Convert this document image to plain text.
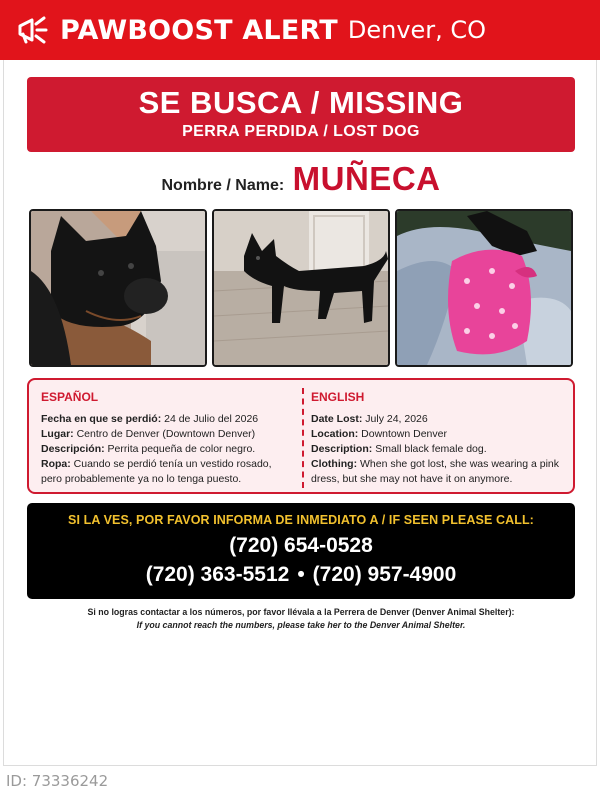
PAWBOOST ALERT Denver, CO
SE BUSCA / MISSING
PERRA PERDIDA / LOST DOG
Nombre / Name: MUÑECA
ESPAÑOL
Fecha en que se perdió: 24 de Julio del 2026
Lugar: Centro de Denver (Downtown Denver)
Descripción: Perrita pequeña de color negro.
Ropa: Cuando se perdió tenía un vestido rosado, pero probablemente ya no lo tenga puesto.
ENGLISH
Date Lost: July 24, 2026
Location: Downtown Denver
Description: Small black female dog.
Clothing: When she got lost, she was wearing a pink dress, but she may not have it on anymore.
SI LA VES, POR FAVOR INFORMA DE INMEDIATO A / IF SEEN PLEASE CALL:
(720) 654-0528
(720) 363-5512 • (720) 957-4900
Si no logras contactar a los números, por favor llévala a la Perrera de Denver (Denver Animal Shelter):
If you cannot reach the numbers, please take her to the Denver Animal Shelter.
ID: 73336242
